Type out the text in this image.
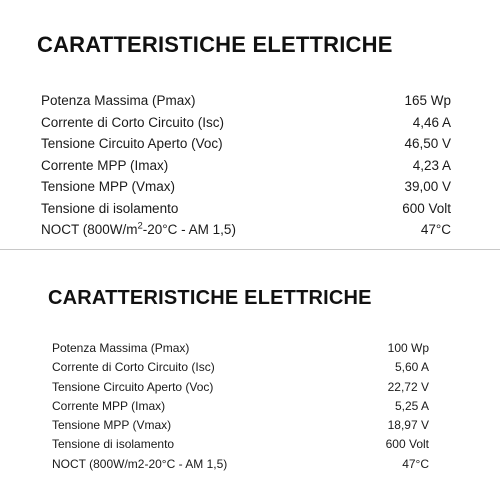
CARATTERISTICHE ELETTRICHE
Potenza Massima (Pmax)	165 Wp
Corrente di Corto Circuito (Isc)	4,46 A
Tensione Circuito Aperto (Voc)	46,50 V
Corrente MPP (Imax)	4,23 A
Tensione MPP (Vmax)	39,00 V
Tensione di isolamento	600 Volt
NOCT ($800W/m^2-20^\circ C$ - AM 1,5)	47°C
CARATTERISTICHE ELETTRICHE
Potenza Massima (Pmax)	100 Wp
Corrente di Corto Circuito (Isc)	5,60 A
Tensione Circuito Aperto (Voc)	22,72 V
Corrente MPP (Imax)	5,25 A
Tensione MPP (Vmax)	18,97 V
Tensione di isolamento	600 Volt
NOCT (800W/m2-20°C - AM 1,5)	47°C
